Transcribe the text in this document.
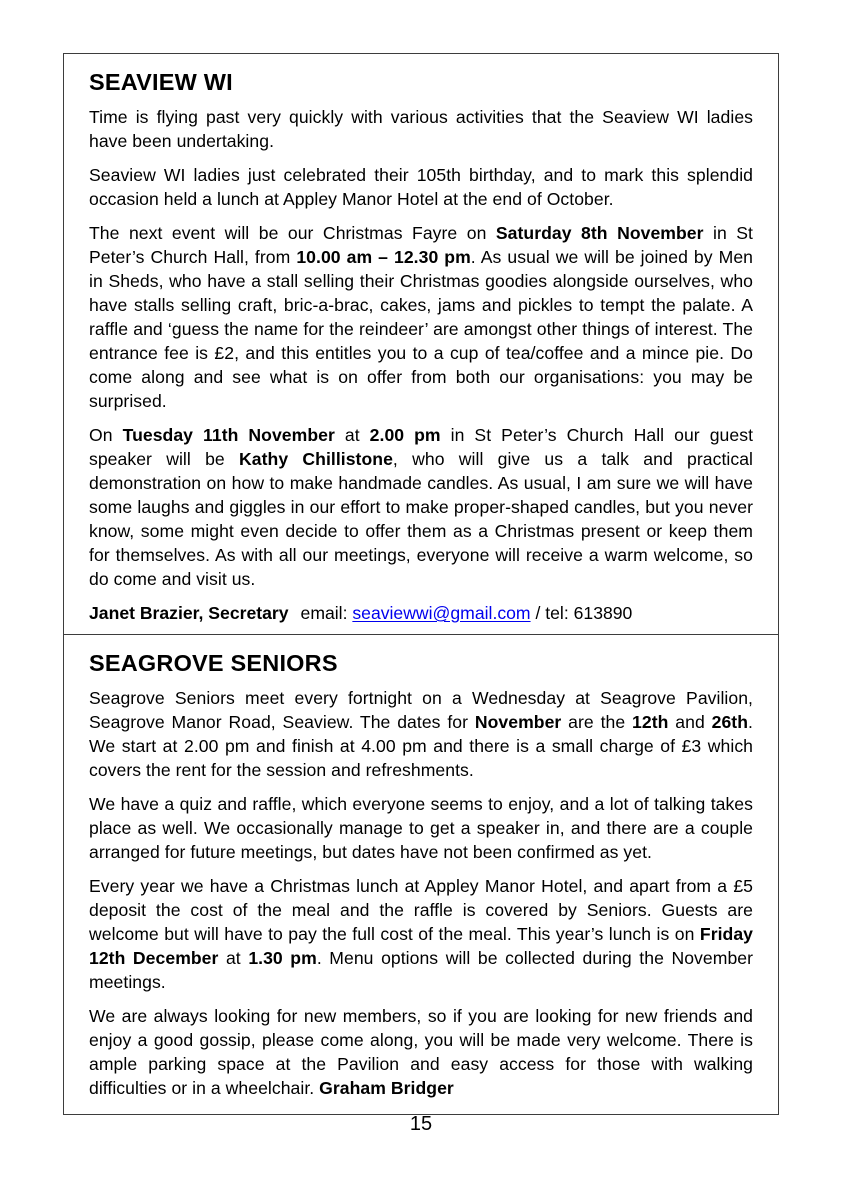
SEAVIEW WI

Time is flying past very quickly with various activities that the Seaview WI ladies have been undertaking.

Seaview WI ladies just celebrated their 105th birthday, and to mark this splendid occasion held a lunch at Appley Manor Hotel at the end of October.

The next event will be our Christmas Fayre on Saturday 8th November in St Peter’s Church Hall, from 10.00 am – 12.30 pm. As usual we will be joined by Men in Sheds, who have a stall selling their Christmas goodies alongside ourselves, who have stalls selling craft, bric-a-brac, cakes, jams and pickles to tempt the palate. A raffle and ‘guess the name for the reindeer’ are amongst other things of interest. The entrance fee is £2, and this entitles you to a cup of tea/coffee and a mince pie. Do come along and see what is on offer from both our organisations: you may be surprised.

On Tuesday 11th November at 2.00 pm in St Peter’s Church Hall our guest speaker will be Kathy Chillistone, who will give us a talk and practical demonstration on how to make handmade candles. As usual, I am sure we will have some laughs and giggles in our effort to make proper-shaped candles, but you never know, some might even decide to offer them as a Christmas present or keep them for themselves. As with all our meetings, everyone will receive a warm welcome, so do come and visit us.

Janet Brazier, Secretary email: seaviewwi@gmail.com / tel: 613890

SEAGROVE SENIORS

Seagrove Seniors meet every fortnight on a Wednesday at Seagrove Pavilion, Seagrove Manor Road, Seaview. The dates for November are the 12th and 26th. We start at 2.00 pm and finish at 4.00 pm and there is a small charge of £3 which covers the rent for the session and refreshments.

We have a quiz and raffle, which everyone seems to enjoy, and a lot of talking takes place as well. We occasionally manage to get a speaker in, and there are a couple arranged for future meetings, but dates have not been confirmed as yet.

Every year we have a Christmas lunch at Appley Manor Hotel, and apart from a £5 deposit the cost of the meal and the raffle is covered by Seniors. Guests are welcome but will have to pay the full cost of the meal. This year’s lunch is on Friday 12th December at 1.30 pm. Menu options will be collected during the November meetings.

We are always looking for new members, so if you are looking for new friends and enjoy a good gossip, please come along, you will be made very welcome. There is ample parking space at the Pavilion and easy access for those with walking difficulties or in a wheelchair. Graham Bridger

15
